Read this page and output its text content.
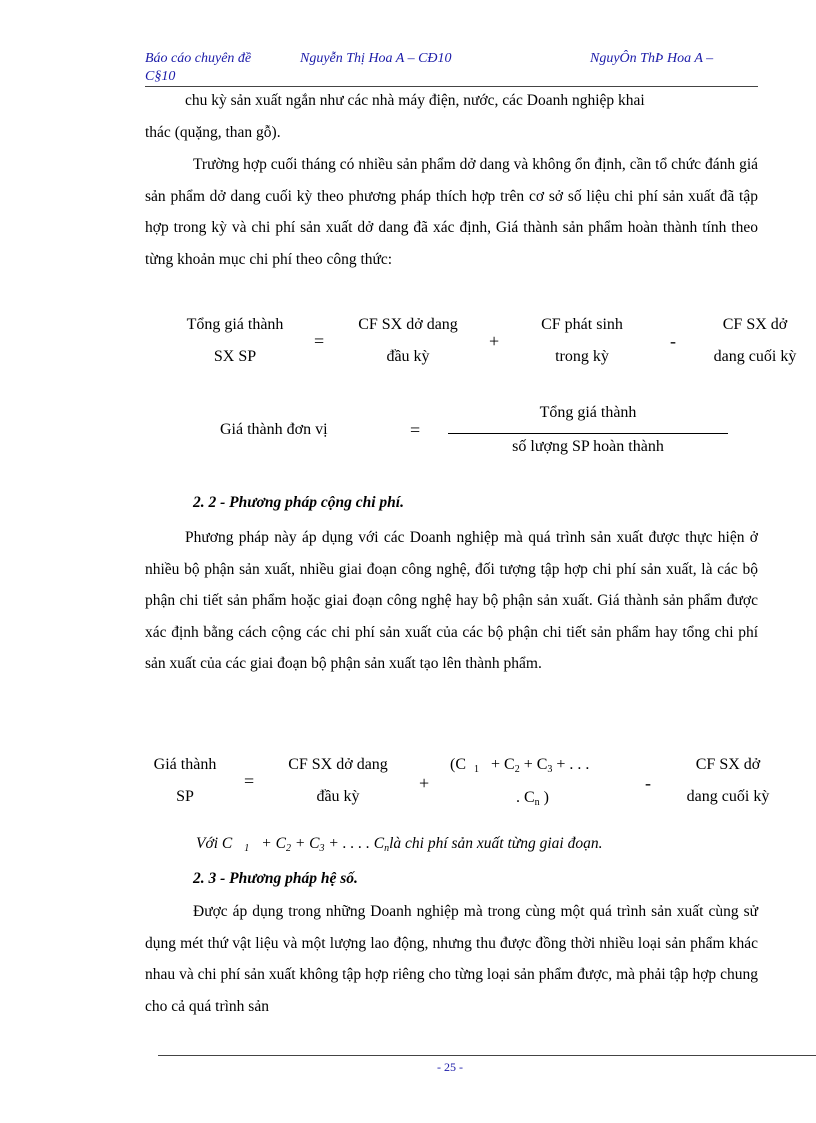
Báo cáo chuyên đề	Nguyễn Thị Hoa A – CĐ10	NguyÔn ThÞ Hoa A –
C§10

chu kỳ sản xuất ngắn như các nhà máy điện, nước, các Doanh nghiệp khai

thác (quặng, than gỗ).

Trường hợp cuối tháng có nhiều sản phẩm dở dang và không ổn định, cần tổ chức đánh giá sản phẩm dở dang cuối kỳ theo phương pháp thích hợp trên cơ sở số liệu chi phí sản xuất đã tập hợp trong kỳ và chi phí sản xuất dở dang đã xác định, Giá thành sản phẩm hoàn thành tính theo từng khoản mục chi phí theo công thức:

Tổng giá thành
SX SP
=
CF SX dở dang
đầu kỳ
+
CF phát sinh
trong kỳ
-
CF SX dở
dang cuối kỳ
Giá thành đơn vị	=
Tổng giá thành
số lượng SP hoàn thành
2. 2 - Phương pháp cộng chi phí.

Phương pháp này áp dụng với các Doanh nghiệp mà quá trình sản xuất được thực hiện ở nhiều bộ phận sản xuất, nhiều giai đoạn công nghệ, đối tượng tập hợp chi phí sản xuất, là các bộ phận chi tiết sản phẩm hoặc giai đoạn công nghệ hay bộ phận sản xuất. Giá thành sản phẩm được xác định bằng cách cộng các chi phí sản xuất của các bộ phận chi tiết sản phẩm hay tổng chi phí sản xuất của các giai đoạn bộ phận sản xuất tạo lên thành phẩm.

Giá thành
SP
=
CF SX dở dang
đầu kỳ
+
(C $_1 + C_2 + C_3$ + . . .
. $C_n$ )
-
CF SX dở
dang cuối kỳ
Với C $_1 + C_2 + C_3$ + . . . . $C_nlà$ chi phí sản xuất từng giai đoạn.
2. 3 - Phương pháp hệ số.

Được áp dụng trong những Doanh nghiệp mà trong cùng một quá trình sản xuất cùng sử dụng mét thứ vật liệu và một lượng lao động, nhưng thu được đồng thời nhiều loại sản phẩm khác nhau và chi phí sản xuất không tập hợp riêng cho từng loại sản phẩm được, mà phải tập hợp chung cho cả quá trình sản

- 25 -
